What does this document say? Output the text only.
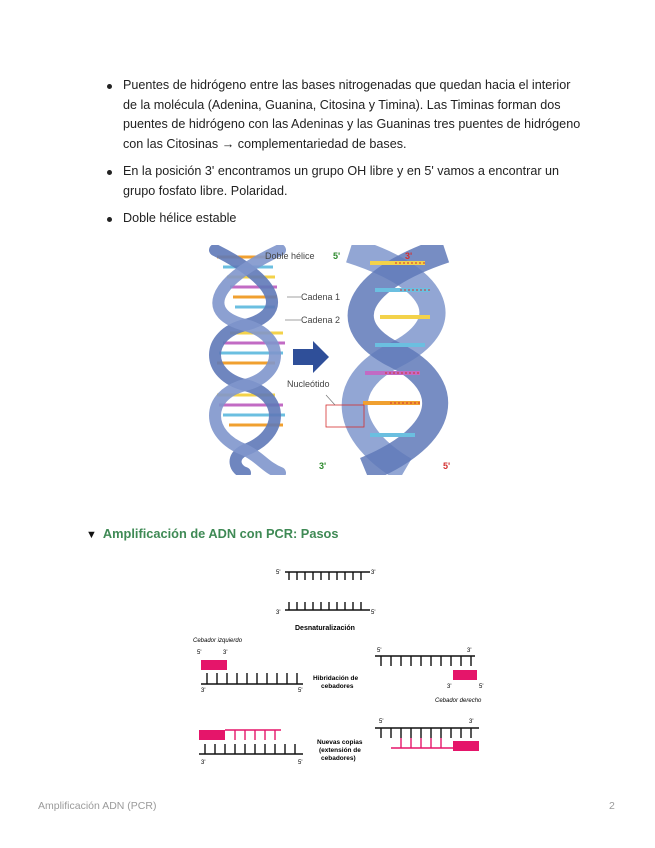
Puentes de hidrógeno entre las bases nitrogenadas que quedan hacia el interior de la molécula (Adenina, Guanina, Citosina y Timina). Las Timinas forman dos puentes de hidrógeno con las Adeninas y las Guaninas tres puentes de hidrógeno con las Citosinas → complementariedad de bases.
En la posición 3' encontramos un grupo OH libre y en 5' vamos a encontrar un grupo fosfato libre. Polaridad.
Doble hélice estable
Doble hélice
Cadena 1
Cadena 2
Nucleótido
5'	3'
3'	5'
▼ Amplificación de ADN con PCR: Pasos
5'	3'
3'	5'
Desnaturalización
Cebador izquierdo
5'	3'
3'	5'
Hibridación de
cebadores
5'	3'
3'	5'
Cebador derecho
3'	5'
Nuevas copias
(extensión de
cebadores)
5'	3'
Amplificación ADN (PCR)	2
